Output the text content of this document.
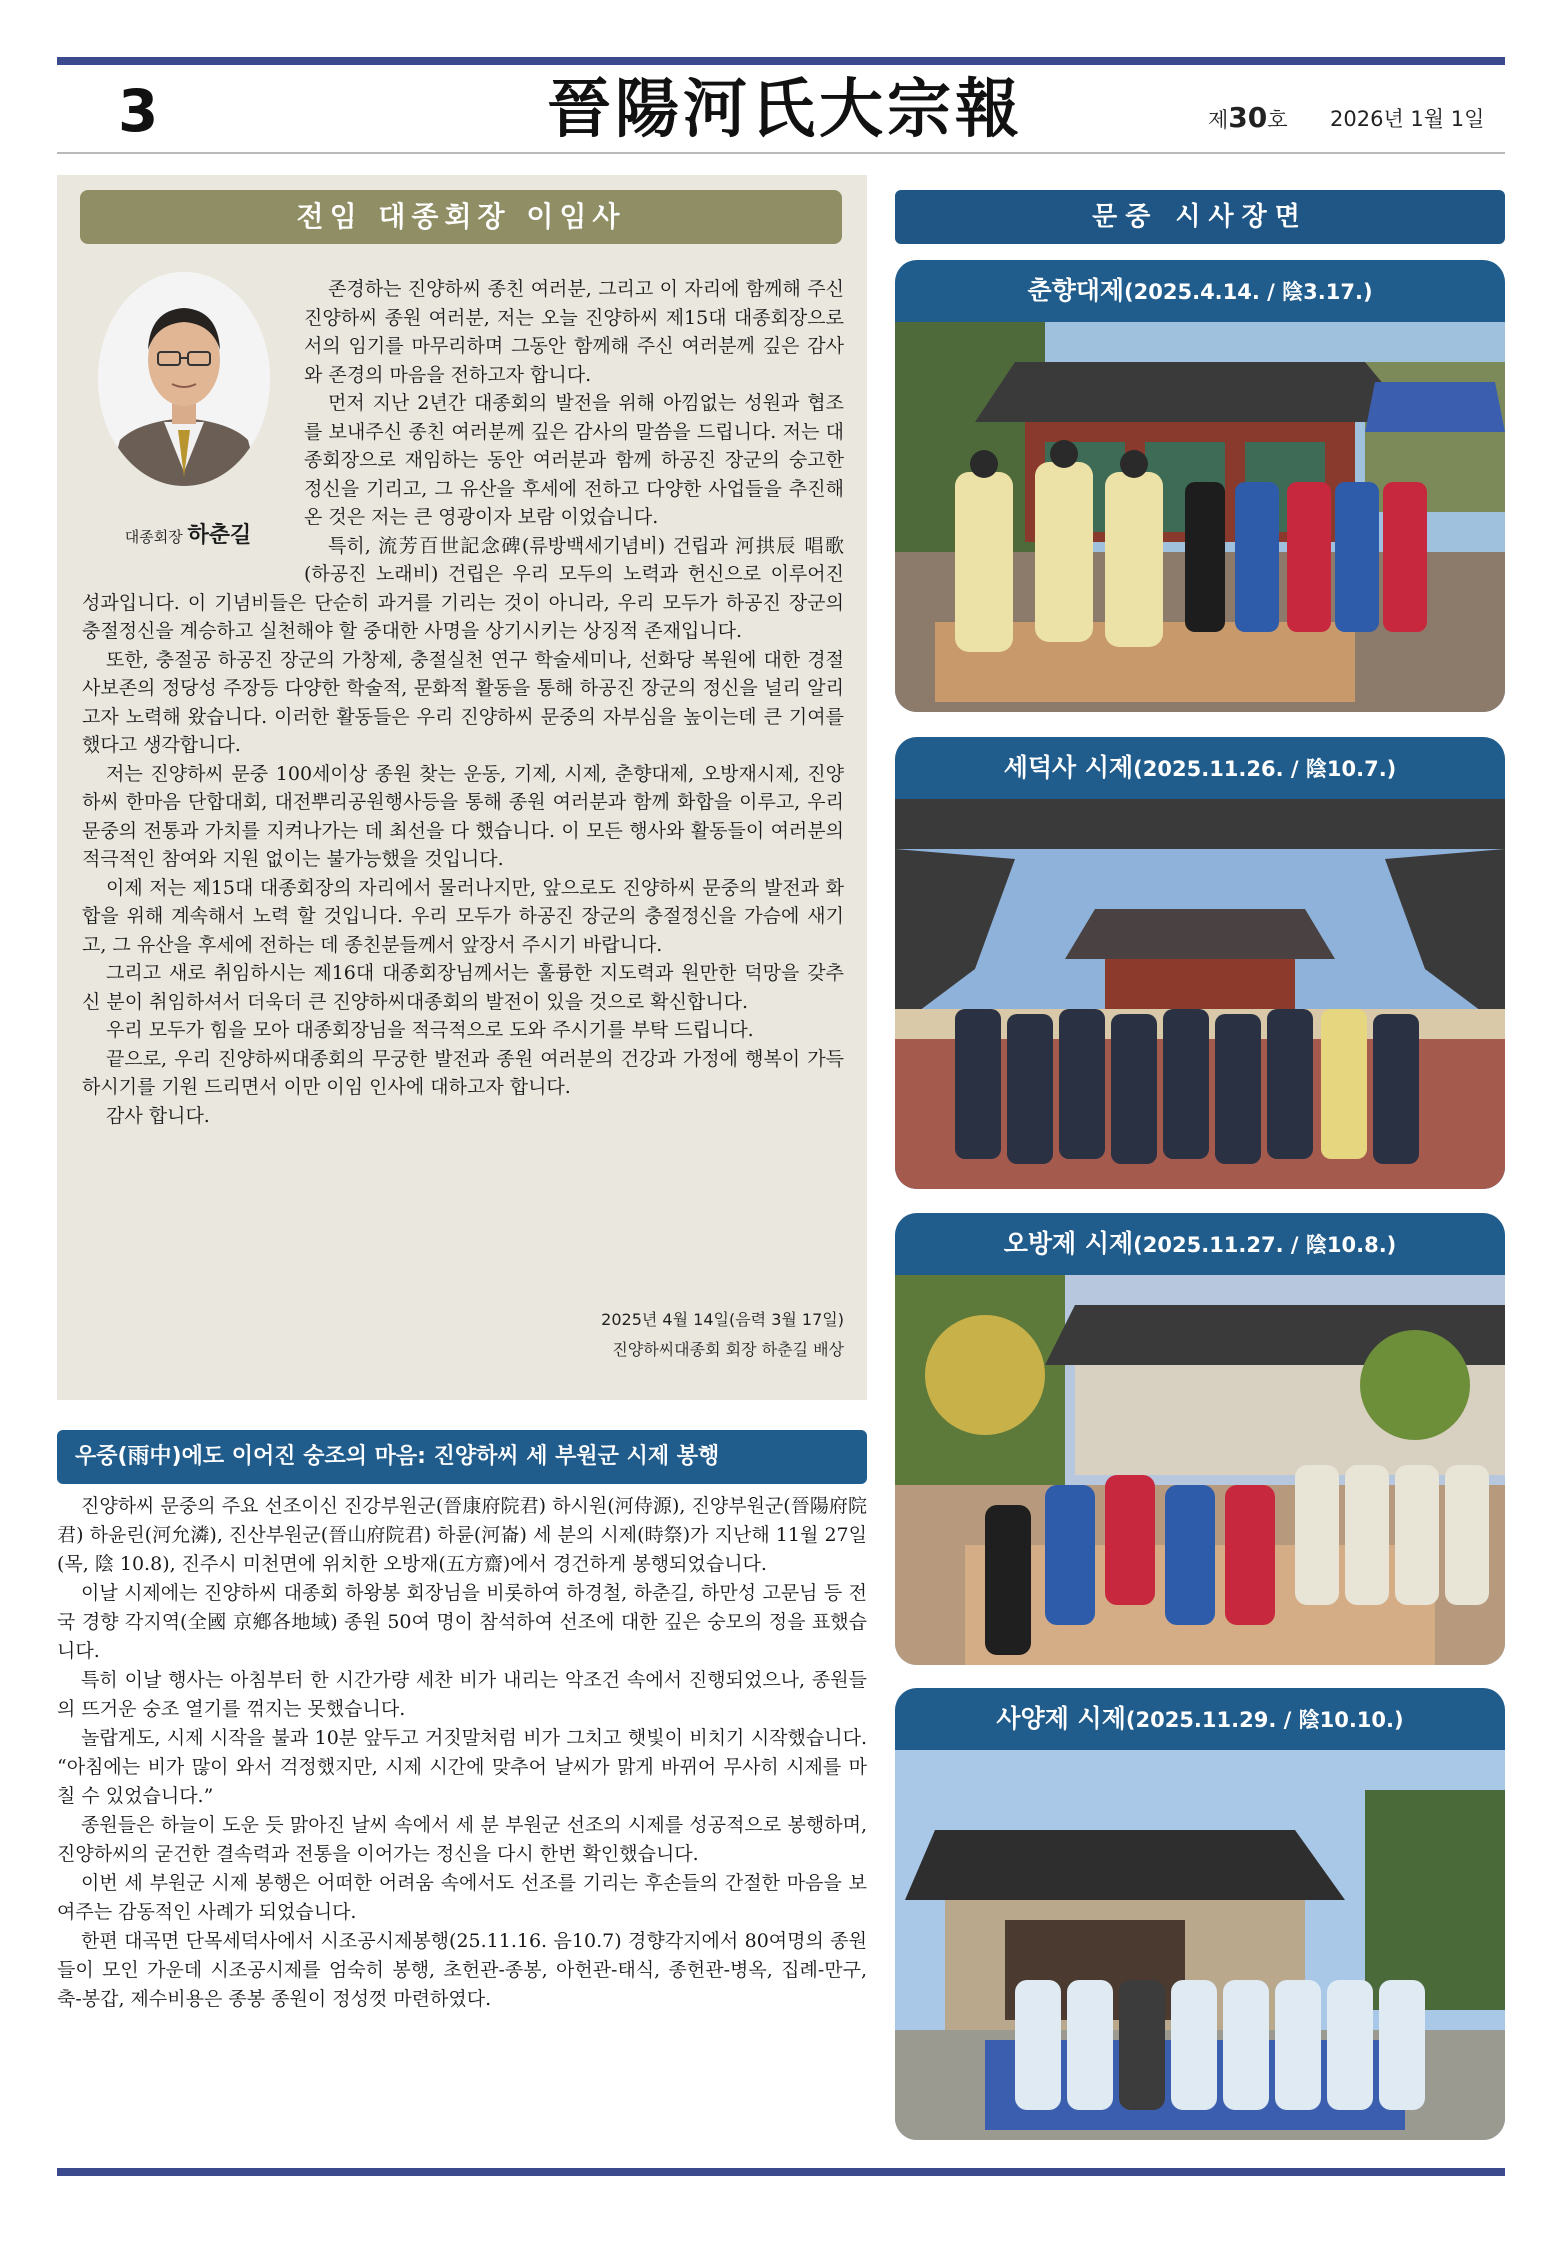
3	晉陽河氏大宗報	제30호 2026년 1월 1일
전임 대종회장 이임사
대종회장 하춘길

존경하는 진양하씨 종친 여러분, 그리고 이 자리에 함께해 주신 진양하씨 종원 여러분, 저는 오늘 진양하씨 제15대 대종회장으로서의 임기를 마무리하며 그동안 함께해 주신 여러분께 깊은 감사와 존경의 마음을 전하고자 합니다.

먼저 지난 2년간 대종회의 발전을 위해 아낌없는 성원과 협조를 보내주신 종친 여러분께 깊은 감사의 말씀을 드립니다. 저는 대종회장으로 재임하는 동안 여러분과 함께 하공진 장군의 숭고한 정신을 기리고, 그 유산을 후세에 전하고 다양한 사업들을 추진해 온 것은 저는 큰 영광이자 보람 이었습니다.

특히, 流芳百世記念碑(류방백세기념비) 건립과 河拱辰 唱歌(하공진 노래비) 건립은 우리 모두의 노력과 헌신으로 이루어진 성과입니다. 이 기념비들은 단순히 과거를 기리는 것이 아니라, 우리 모두가 하공진 장군의 충절정신을 계승하고 실천해야 할 중대한 사명을 상기시키는 상징적 존재입니다.

또한, 충절공 하공진 장군의 가창제, 충절실천 연구 학술세미나, 선화당 복원에 대한 경절사보존의 정당성 주장등 다양한 학술적, 문화적 활동을 통해 하공진 장군의 정신을 널리 알리고자 노력해 왔습니다. 이러한 활동들은 우리 진양하씨 문중의 자부심을 높이는데 큰 기여를 했다고 생각합니다.

저는 진양하씨 문중 100세이상 종원 찾는 운동, 기제, 시제, 춘향대제, 오방재시제, 진양하씨 한마음 단합대회, 대전뿌리공원행사등을 통해 종원 여러분과 함께 화합을 이루고, 우리 문중의 전통과 가치를 지켜나가는 데 최선을 다 했습니다. 이 모든 행사와 활동들이 여러분의 적극적인 참여와 지원 없이는 불가능했을 것입니다.

이제 저는 제15대 대종회장의 자리에서 물러나지만, 앞으로도 진양하씨 문중의 발전과 화합을 위해 계속해서 노력 할 것입니다. 우리 모두가 하공진 장군의 충절정신을 가슴에 새기고, 그 유산을 후세에 전하는 데 종친분들께서 앞장서 주시기 바랍니다.

그리고 새로 취임하시는 제16대 대종회장님께서는 훌륭한 지도력과 원만한 덕망을 갖추신 분이 취임하셔서 더욱더 큰 진양하씨대종회의 발전이 있을 것으로 확신합니다.

우리 모두가 힘을 모아 대종회장님을 적극적으로 도와 주시기를 부탁 드립니다.

끝으로, 우리 진양하씨대종회의 무궁한 발전과 종원 여러분의 건강과 가정에 행복이 가득하시기를 기원 드리면서 이만 이임 인사에 대하고자 합니다.

감사 합니다.

2025년 4월 14일(음력 3월 17일)
진양하씨대종회 회장 하춘길 배상
우중(雨中)에도 이어진 숭조의 마음: 진양하씨 세 부원군 시제 봉행

진양하씨 문중의 주요 선조이신 진강부원군(晉康府院君) 하시원(河侍源), 진양부원군(晉陽府院君) 하윤린(河允潾), 진산부원군(晉山府院君) 하륜(河崙) 세 분의 시제(時祭)가 지난해 11월 27일(목, 陰 10.8), 진주시 미천면에 위치한 오방재(五方齋)에서 경건하게 봉행되었습니다.

이날 시제에는 진양하씨 대종회 하왕봉 회장님을 비롯하여 하경철, 하춘길, 하만성 고문님 등 전국 경향 각지역(全國 京鄕各地域) 종원 50여 명이 참석하여 선조에 대한 깊은 숭모의 정을 표했습니다.

특히 이날 행사는 아침부터 한 시간가량 세찬 비가 내리는 악조건 속에서 진행되었으나, 종원들의 뜨거운 숭조 열기를 꺾지는 못했습니다.

놀랍게도, 시제 시작을 불과 10분 앞두고 거짓말처럼 비가 그치고 햇빛이 비치기 시작했습니다. “아침에는 비가 많이 와서 걱정했지만, 시제 시간에 맞추어 날씨가 맑게 바뀌어 무사히 시제를 마칠 수 있었습니다.”

종원들은 하늘이 도운 듯 맑아진 날씨 속에서 세 분 부원군 선조의 시제를 성공적으로 봉행하며, 진양하씨의 굳건한 결속력과 전통을 이어가는 정신을 다시 한번 확인했습니다.

이번 세 부원군 시제 봉행은 어떠한 어려움 속에서도 선조를 기리는 후손들의 간절한 마음을 보여주는 감동적인 사례가 되었습니다.

한편 대곡면 단목세덕사에서 시조공시제봉행(25.11.16. 음10.7) 경향각지에서 80여명의 종원들이 모인 가운데 시조공시제를 엄숙히 봉행, 초헌관-종봉, 아헌관-태식, 종헌관-병옥, 집례-만구, 축-봉갑, 제수비용은 종봉 종원이 정성껏 마련하였다.

문중 시사장면
춘향대제(2025.4.14. / 陰3.17.)
세덕사 시제(2025.11.26. / 陰10.7.)
오방제 시제(2025.11.27. / 陰10.8.)
사양제 시제(2025.11.29. / 陰10.10.)
